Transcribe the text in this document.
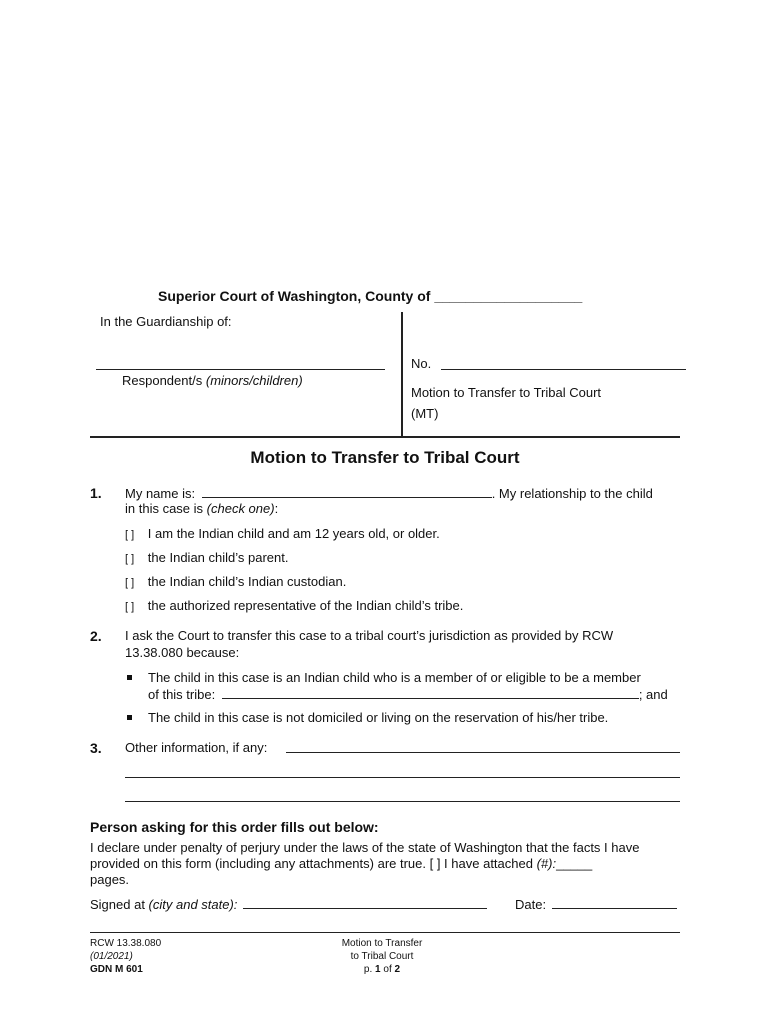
Superior Court of Washington, County of ___________________
In the Guardianship of:
Respondent/s (minors/children)
No.
Motion to Transfer to Tribal Court
(MT)
Motion to Transfer to Tribal Court
1. My name is:	. My relationship to the child
in this case is (check one):
[ ] I am the Indian child and am 12 years old, or older.
[ ] the Indian child’s parent.
[ ] the Indian child’s Indian custodian.
[ ] the authorized representative of the Indian child’s tribe.
2. I ask the Court to transfer this case to a tribal court’s jurisdiction as provided by RCW
13.38.080 because:
The child in this case is an Indian child who is a member of or eligible to be a member
of this tribe:	; and
The child in this case is not domiciled or living on the reservation of his/her tribe.
3. Other information, if any:
Person asking for this order fills out below:
I declare under penalty of perjury under the laws of the state of Washington that the facts I have
provided on this form (including any attachments) are true. [ ] I have attached (#):_____
pages.
Signed at (city and state):	Date:
RCW 13.38.080
(01/2021)
GDN M 601
Motion to Transfer
to Tribal Court
p. 1 of 2
